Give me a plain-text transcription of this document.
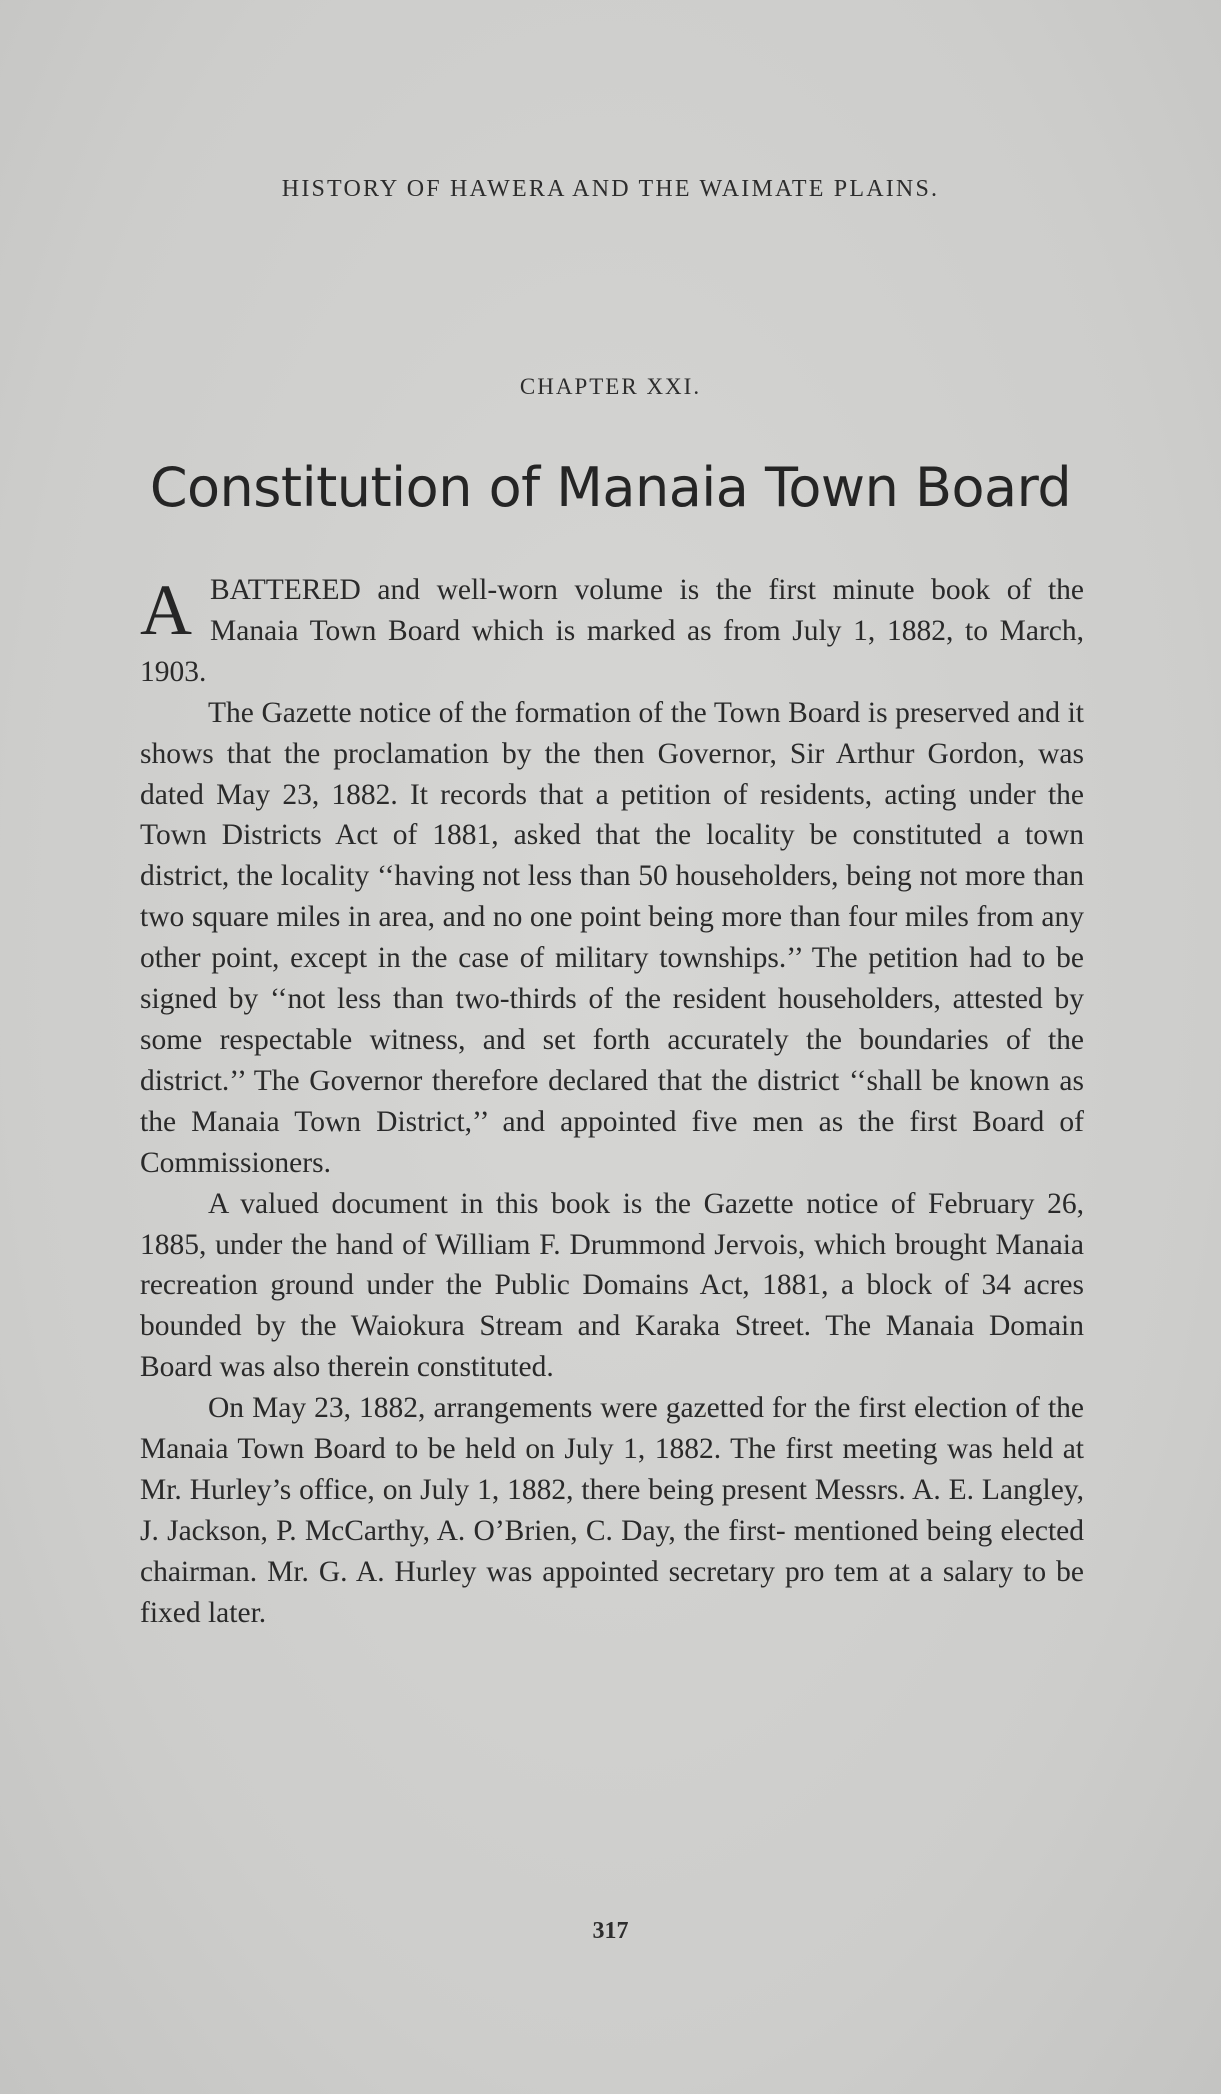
HISTORY OF HAWERA AND THE WAIMATE PLAINS.
CHAPTER XXI.
Constitution of Manaia Town Board

ABATTERED and well-worn volume is the first minute book of the Manaia Town Board which is marked as from July 1, 1882, to March, 1903.

The Gazette notice of the formation of the Town Board is preserved and it shows that the proclamation by the then Governor, Sir Arthur Gordon, was dated May 23, 1882. It records that a petition of residents, acting under the Town Districts Act of 1881, asked that the locality be constituted a town district, the locality ‘‘having not less than 50 householders, being not more than two square miles in area, and no one point being more than four miles from any other point, except in the case of military townships.’’ The petition had to be signed by ‘‘not less than two-thirds of the resident householders, attested by some respectable witness, and set forth accurately the boundaries of the district.’’ The Governor therefore declared that the district ‘‘shall be known as the Manaia Town District,’’ and appointed five men as the first Board of Commissioners.

A valued document in this book is the Gazette notice of February 26, 1885, under the hand of William F. Drummond Jervois, which brought Manaia recreation ground under the Public Domains Act, 1881, a block of 34 acres bounded by the Waiokura Stream and Karaka Street. The Manaia Domain Board was also therein constituted.

On May 23, 1882, arrangements were gazetted for the first election of the Manaia Town Board to be held on July 1, 1882. The first meeting was held at Mr. Hurley’s office, on July 1, 1882, there being present Messrs. A. E. Langley, J. Jackson, P. McCarthy, A. O’Brien, C. Day, the first- mentioned being elected chairman. Mr. G. A. Hurley was appointed secretary pro tem at a salary to be fixed later.

317
